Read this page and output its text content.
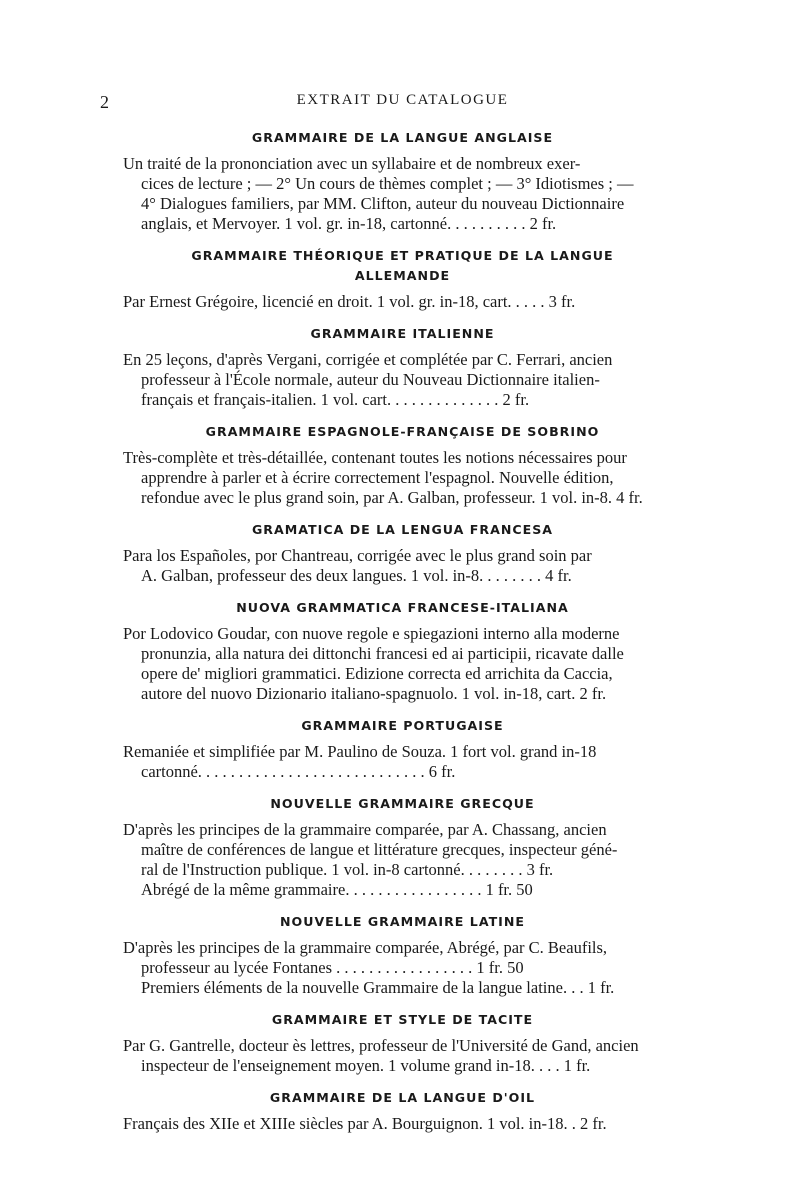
2	EXTRAIT DU CATALOGUE
GRAMMAIRE DE LA LANGUE ANGLAISE
Un traité de la prononciation avec un syllabaire et de nombreux exer-
cices de lecture ; — 2° Un cours de thèmes complet ; — 3° Idiotismes ; —
4° Dialogues familiers, par MM. Clifton, auteur du nouveau Dictionnaire
anglais, et Mervoyer. 1 vol. gr. in-18, cartonné. . . . . . . . . . 2 fr.
GRAMMAIRE THÉORIQUE ET PRATIQUE DE LA LANGUE
ALLEMANDE
Par Ernest Grégoire, licencié en droit. 1 vol. gr. in-18, cart. . . . . 3 fr.
GRAMMAIRE ITALIENNE
En 25 leçons, d'après Vergani, corrigée et complétée par C. Ferrari, ancien
professeur à l'École normale, auteur du Nouveau Dictionnaire italien-
français et français-italien. 1 vol. cart. . . . . . . . . . . . . . 2 fr.
GRAMMAIRE ESPAGNOLE-FRANÇAISE DE SOBRINO
Très-complète et très-détaillée, contenant toutes les notions nécessaires pour
apprendre à parler et à écrire correctement l'espagnol. Nouvelle édition,
refondue avec le plus grand soin, par A. Galban, professeur. 1 vol. in-8. 4 fr.
GRAMATICA DE LA LENGUA FRANCESA
Para los Españoles, por Chantreau, corrigée avec le plus grand soin par
A. Galban, professeur des deux langues. 1 vol. in-8. . . . . . . . 4 fr.
NUOVA GRAMMATICA FRANCESE-ITALIANA
Por Lodovico Goudar, con nuove regole e spiegazioni interno alla moderne
pronunzia, alla natura dei dittonchi francesi ed ai participii, ricavate dalle
opere de' migliori grammatici. Edizione correcta ed arrichita da Caccia,
autore del nuovo Dizionario italiano-spagnuolo. 1 vol. in-18, cart. 2 fr.
GRAMMAIRE PORTUGAISE
Remaniée et simplifiée par M. Paulino de Souza. 1 fort vol. grand in-18
cartonné. . . . . . . . . . . . . . . . . . . . . . . . . . . . 6 fr.
NOUVELLE GRAMMAIRE GRECQUE
D'après les principes de la grammaire comparée, par A. Chassang, ancien
maître de conférences de langue et littérature grecques, inspecteur géné-
ral de l'Instruction publique. 1 vol. in-8 cartonné. . . . . . . . 3 fr.
Abrégé de la même grammaire. . . . . . . . . . . . . . . . . 1 fr. 50
NOUVELLE GRAMMAIRE LATINE
D'après les principes de la grammaire comparée, Abrégé, par C. Beaufils,
professeur au lycée Fontanes . . . . . . . . . . . . . . . . . 1 fr. 50
Premiers éléments de la nouvelle Grammaire de la langue latine. . . 1 fr.
GRAMMAIRE ET STYLE DE TACITE
Par G. Gantrelle, docteur ès lettres, professeur de l'Université de Gand, ancien
inspecteur de l'enseignement moyen. 1 volume grand in-18. . . . 1 fr.
GRAMMAIRE DE LA LANGUE D'OIL
Français des XIIe et XIIIe siècles par A. Bourguignon. 1 vol. in-18. . 2 fr.
